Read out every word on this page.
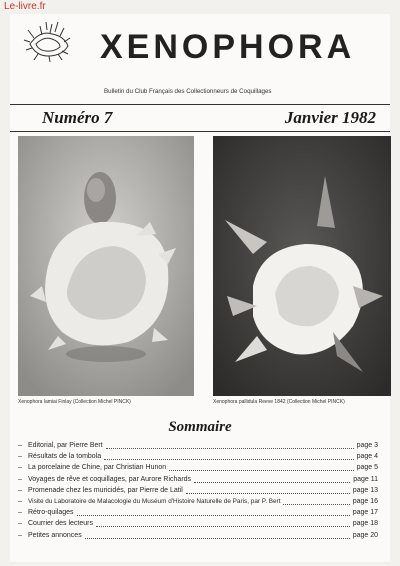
Le-livre.fr
XENOPHORA
Bulletin du Club Français des Collectionneurs de Coquillages
Numéro 7	Janvier 1982
Xenophora lamiai Finlay (Collection Michel PINCK)	Xenophora pallidula Reeve 1842 (Collection Michel PINCK)
Sommaire
– Editorial, par Pierre Bert	page 3
– Résultats de la tombola	page 4
– La porcelaine de Chine, par Christian Hunon	page 5
– Voyages de rêve et coquillages, par Aurore Richards	page 11
– Promenade chez les muricidés, par Pierre de Latil	page 13
– Visite du Laboratoire de Malacologie du Muséum d'Histoire Naturelle de Paris, par P. Bert	page 16
– Rétro-quilages	page 17
– Courrier des lecteurs	page 18
– Petites annonces	page 20
